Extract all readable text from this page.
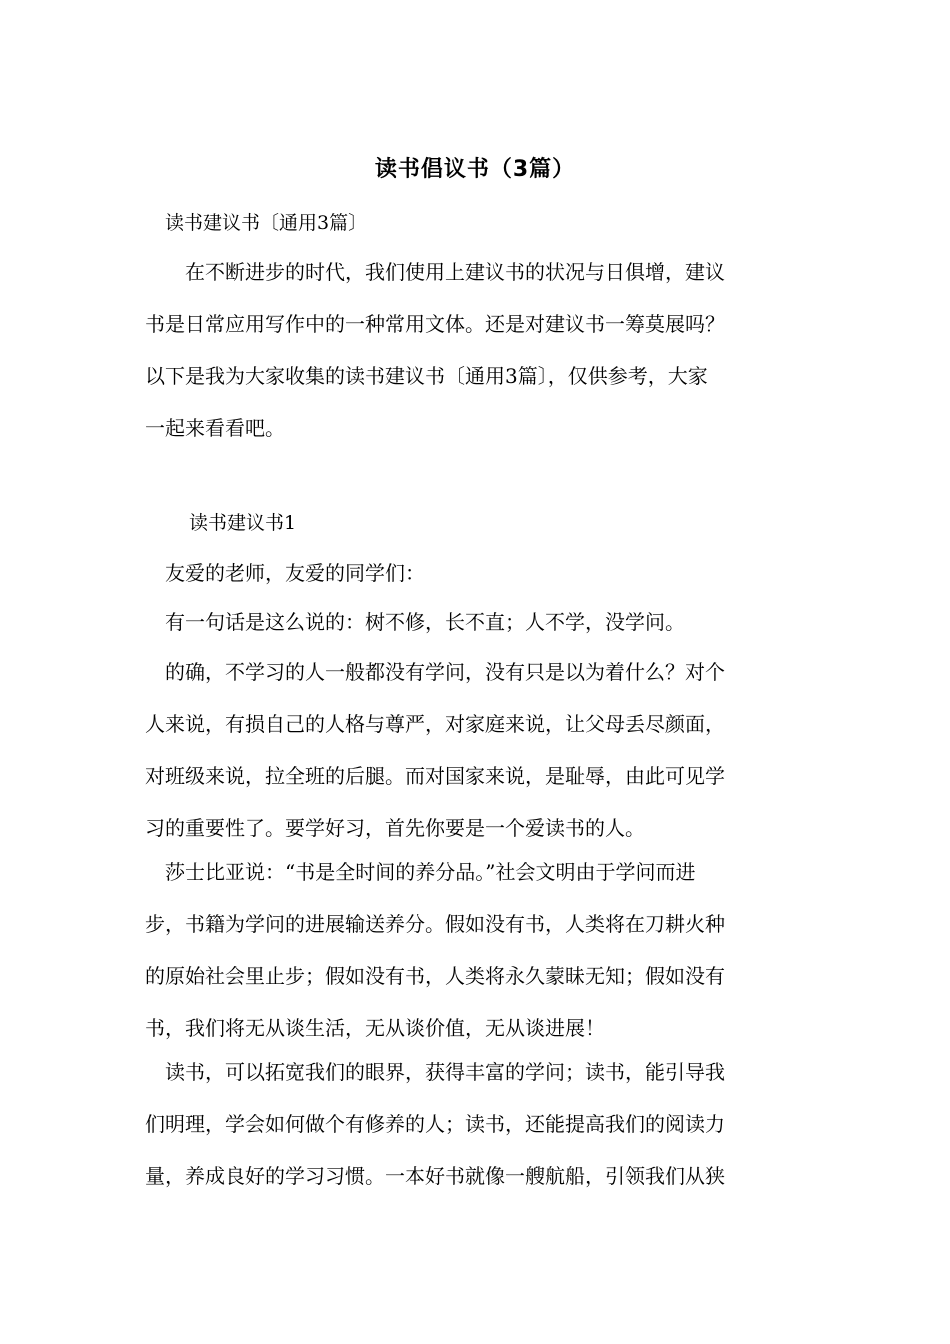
读书倡议书（3篇）
读书建议书〔通用3篇〕
　　在不断进步的时代，我们使用上建议书的状况与日俱增，建议
书是日常应用写作中的一种常用文体。还是对建议书一筹莫展吗？
以下是我为大家收集的读书建议书〔通用3篇〕，仅供参考，大家
一起来看看吧。
读书建议书1
友爱的老师，友爱的同学们：
有一句话是这么说的：树不修，长不直；人不学，没学问。
　的确，不学习的人一般都没有学问，没有只是以为着什么？对个
人来说，有损自己的人格与尊严，对家庭来说，让父母丢尽颜面，
对班级来说，拉全班的后腿。而对国家来说，是耻辱，由此可见学
习的重要性了。要学好习，首先你要是一个爱读书的人。
　莎士比亚说：“书是全时间的养分品。”社会文明由于学问而进
步，书籍为学问的进展输送养分。假如没有书，人类将在刀耕火种
的原始社会里止步；假如没有书，人类将永久蒙昧无知；假如没有
书，我们将无从谈生活，无从谈价值，无从谈进展！
　读书，可以拓宽我们的眼界，获得丰富的学问；读书，能引导我
们明理，学会如何做个有修养的人；读书，还能提高我们的阅读力
量，养成良好的学习习惯。一本好书就像一艘航船，引领我们从狭
